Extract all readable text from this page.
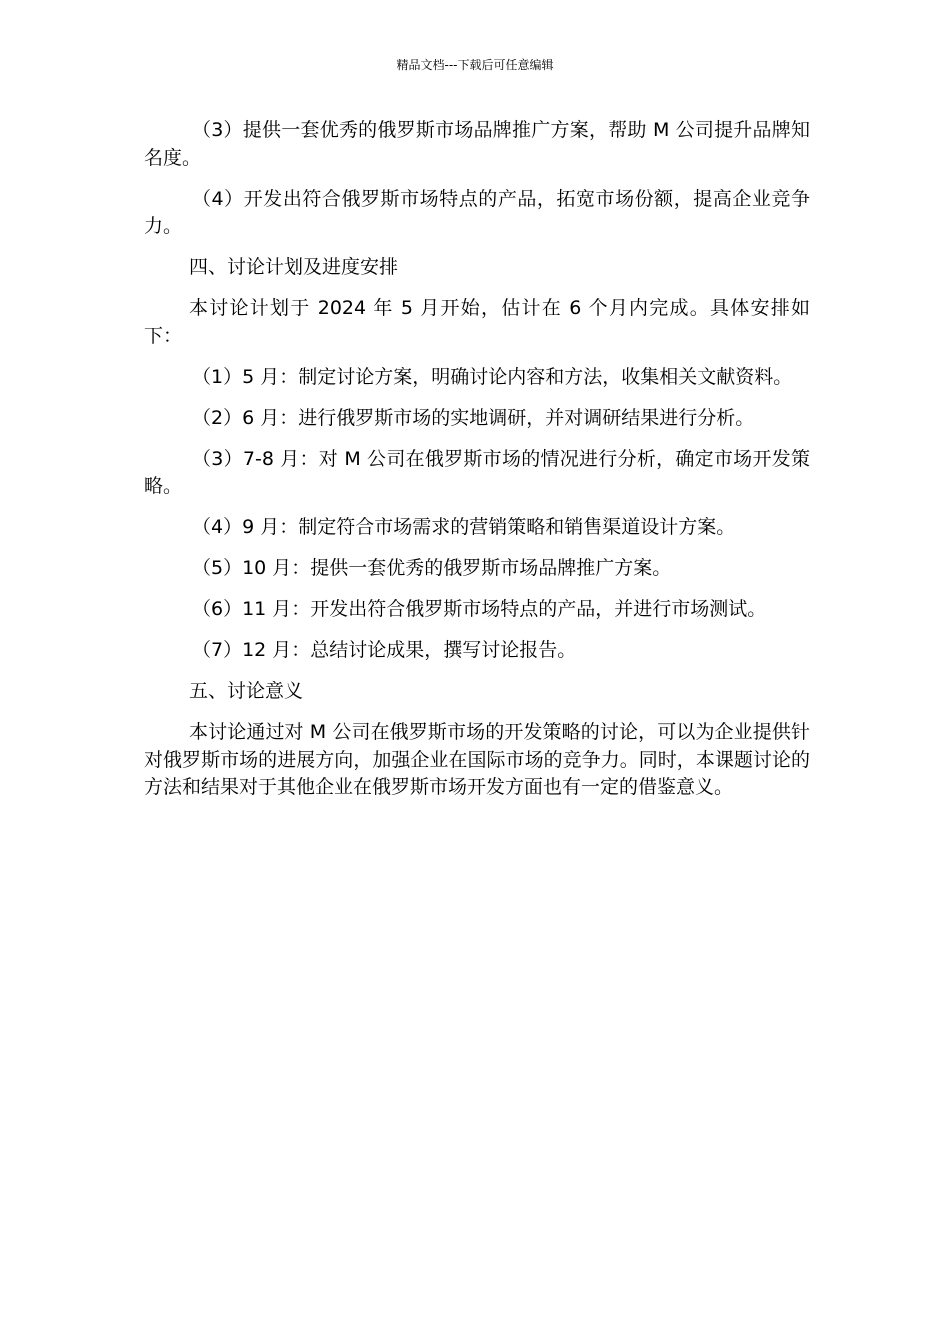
精品文档---下载后可任意编辑

（3）提供一套优秀的俄罗斯市场品牌推广方案，帮助 M 公司提升品牌知名度。

（4）开发出符合俄罗斯市场特点的产品，拓宽市场份额，提高企业竞争力。

四、讨论计划及进度安排

本讨论计划于 2024 年 5 月开始，估计在 6 个月内完成。具体安排如下：

（1）5 月：制定讨论方案，明确讨论内容和方法，收集相关文献资料。

（2）6 月：进行俄罗斯市场的实地调研，并对调研结果进行分析。

（3）7-8 月：对 M 公司在俄罗斯市场的情况进行分析，确定市场开发策略。

（4）9 月：制定符合市场需求的营销策略和销售渠道设计方案。

（5）10 月：提供一套优秀的俄罗斯市场品牌推广方案。

（6）11 月：开发出符合俄罗斯市场特点的产品，并进行市场测试。

（7）12 月：总结讨论成果，撰写讨论报告。

五、讨论意义

本讨论通过对 M 公司在俄罗斯市场的开发策略的讨论，可以为企业提供针对俄罗斯市场的进展方向，加强企业在国际市场的竞争力。同时，本课题讨论的方法和结果对于其他企业在俄罗斯市场开发方面也有一定的借鉴意义。
